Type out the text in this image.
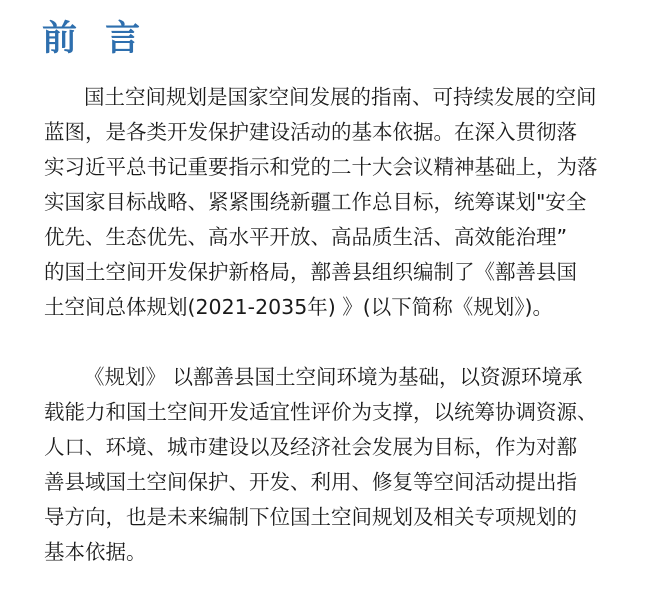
前 言
国土空间规划是国家空间发展的指南、可持续发展的空间
蓝图，是各类开发保护建设活动的基本依据。在深入贯彻落
实习近平总书记重要指示和党的二十大会议精神基础上，为落
实国家目标战略、紧紧围绕新疆工作总目标，统筹谋划"安全
优先、生态优先、高水平开放、高品质生活、高效能治理”
的国土空间开发保护新格局，鄯善县组织编制了《鄯善县国
土空间总体规划(2021-2035年) 》(以下简称《规划》)。
《规划》 以鄯善县国土空间环境为基础，以资源环境承
载能力和国土空间开发适宜性评价为支撑，以统筹协调资源、
人口、环境、城市建设以及经济社会发展为目标，作为对鄯
善县域国土空间保护、开发、利用、修复等空间活动提出指
导方向，也是未来编制下位国土空间规划及相关专项规划的
基本依据。
